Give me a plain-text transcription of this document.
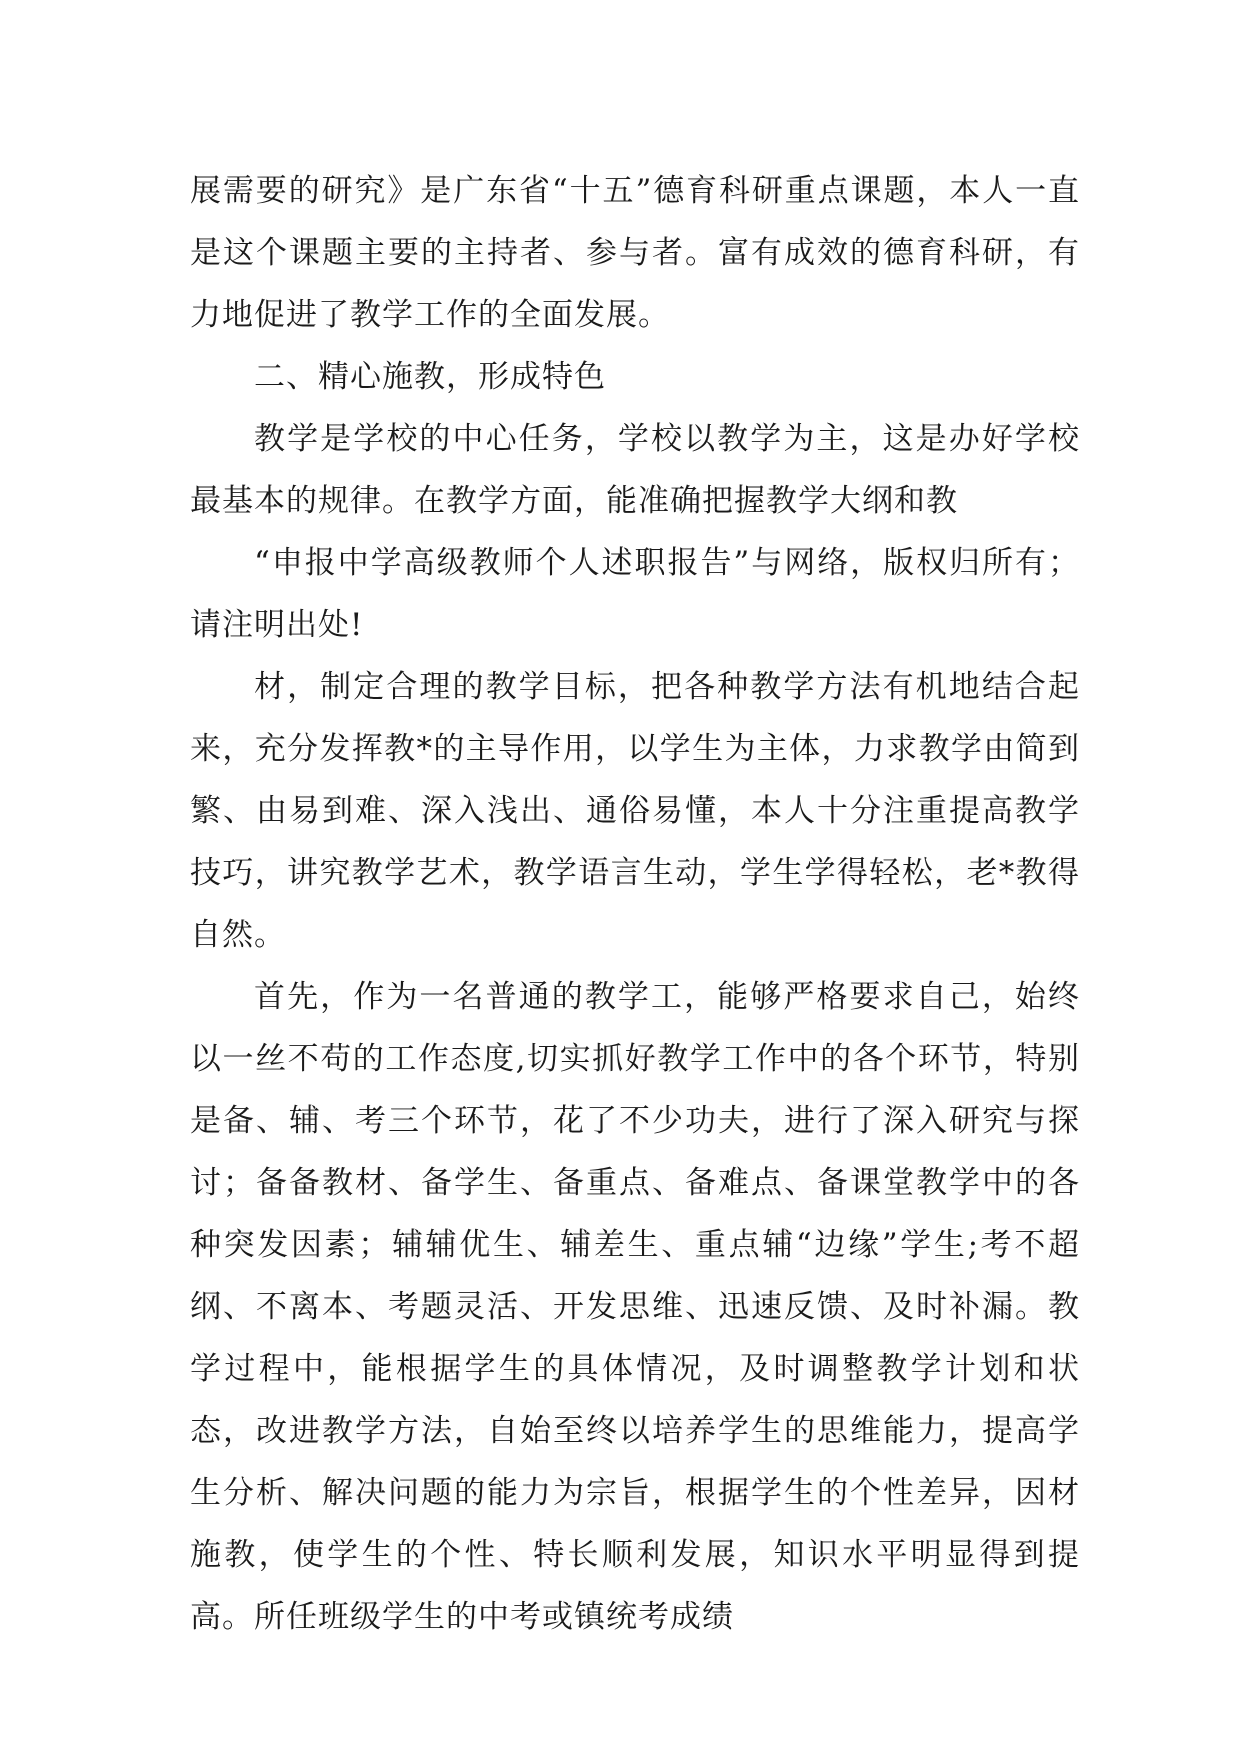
展需要的研究》是广东省“十五”德育科研重点课题，本人一直是这个课题主要的主持者、参与者。富有成效的德育科研，有力地促进了教学工作的全面发展。

二、精心施教，形成特色

教学是学校的中心任务，学校以教学为主，这是办好学校最基本的规律。在教学方面，能准确把握教学大纲和教

“申报中学高级教师个人述职报告”与网络，版权归所有；请注明出处!

材，制定合理的教学目标，把各种教学方法有机地结合起来，充分发挥教*的主导作用，以学生为主体，力求教学由简到繁、由易到难、深入浅出、通俗易懂，本人十分注重提高教学技巧，讲究教学艺术，教学语言生动，学生学得轻松，老*教得自然。

首先，作为一名普通的教学工，能够严格要求自己，始终以一丝不苟的工作态度,切实抓好教学工作中的各个环节，特别是备、辅、考三个环节，花了不少功夫，进行了深入研究与探讨；备备教材、备学生、备重点、备难点、备课堂教学中的各种突发因素；辅辅优生、辅差生、重点辅“边缘”学生;考不超纲、不离本、考题灵活、开发思维、迅速反馈、及时补漏。教学过程中，能根据学生的具体情况，及时调整教学计划和状态，改进教学方法，自始至终以培养学生的思维能力，提高学生分析、解决问题的能力为宗旨，根据学生的个性差异，因材施教，使学生的个性、特长顺利发展，知识水平明显得到提高。所任班级学生的中考或镇统考成绩
